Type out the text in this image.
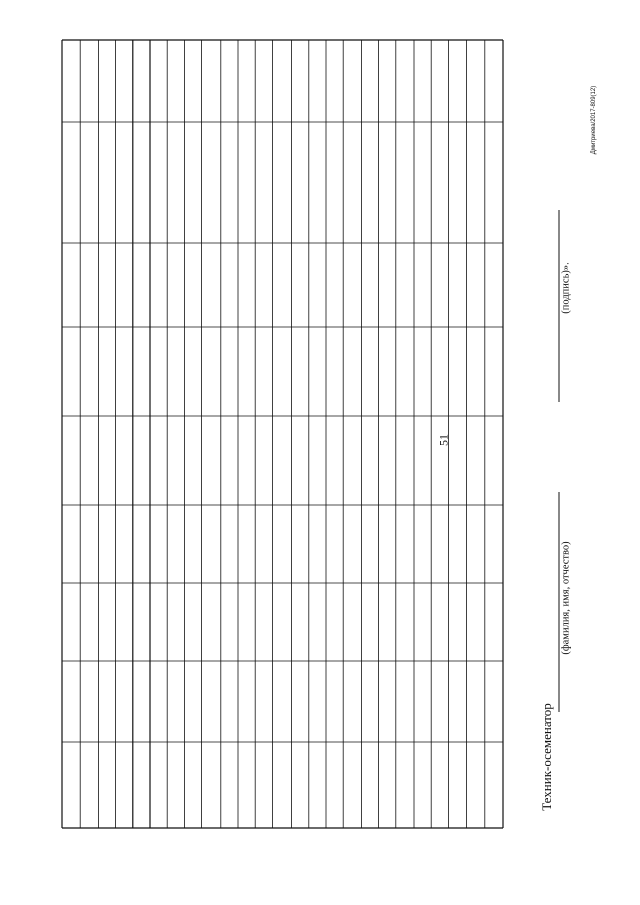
51
Техник-осеменатор
(фамилия, имя, отчество)
(подпись)».
Дмитриева/2017-809(12)
